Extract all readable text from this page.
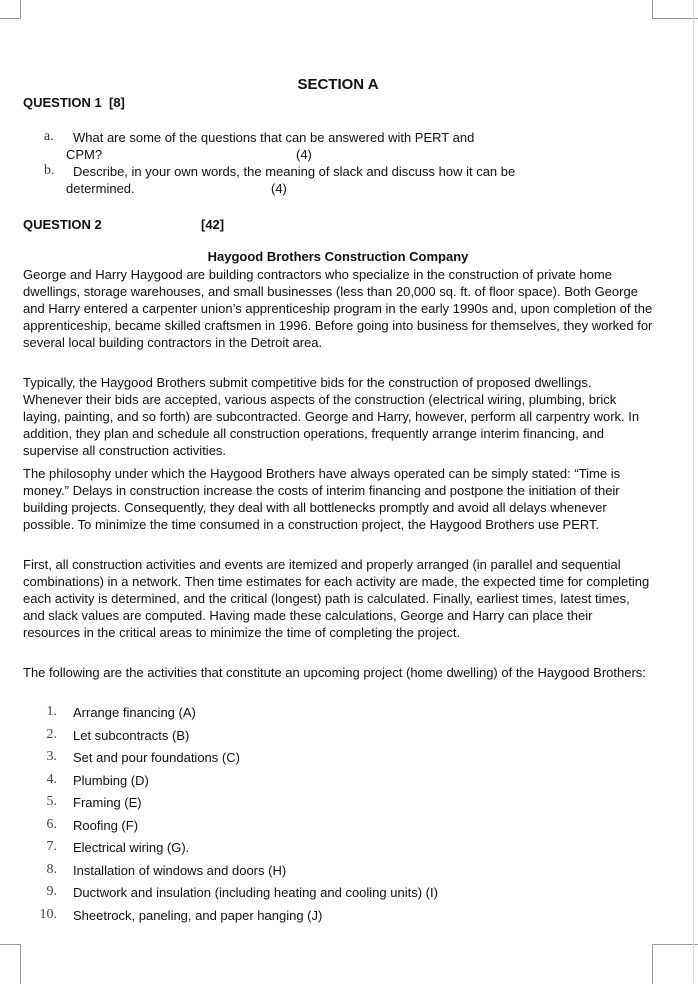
SECTION A
QUESTION 1 [8]
a. What are some of the questions that can be answered with PERT and
CPM?	(4)
b. Describe, in your own words, the meaning of slack and discuss how it can be
determined.	(4)
QUESTION 2	[42]
Haygood Brothers Construction Company
George and Harry Haygood are building contractors who specialize in the construction of private home dwellings, storage warehouses, and small businesses (less than 20,000 sq. ft. of floor space). Both George and Harry entered a carpenter union’s apprenticeship program in the early 1990s and, upon completion of the apprenticeship, became skilled craftsmen in 1996. Before going into business for themselves, they worked for several local building contractors in the Detroit area.
Typically, the Haygood Brothers submit competitive bids for the construction of proposed dwellings. Whenever their bids are accepted, various aspects of the construction (electrical wiring, plumbing, brick laying, painting, and so forth) are subcontracted. George and Harry, however, perform all carpentry work. In addition, they plan and schedule all construction operations, frequently arrange interim financing, and supervise all construction activities.
The philosophy under which the Haygood Brothers have always operated can be simply stated: “Time is money.” Delays in construction increase the costs of interim financing and postpone the initiation of their building projects. Consequently, they deal with all bottlenecks promptly and avoid all delays whenever possible. To minimize the time consumed in a construction project, the Haygood Brothers use PERT.
First, all construction activities and events are itemized and properly arranged (in parallel and sequential combinations) in a network. Then time estimates for each activity are made, the expected time for completing each activity is determined, and the critical (longest) path is calculated. Finally, earliest times, latest times, and slack values are computed. Having made these calculations, George and Harry can place their resources in the critical areas to minimize the time of completing the project.
The following are the activities that constitute an upcoming project (home dwelling) of the Haygood Brothers:
1. Arrange financing (A)
2. Let subcontracts (B)
3. Set and pour foundations (C)
4. Plumbing (D)
5. Framing (E)
6. Roofing (F)
7. Electrical wiring (G).
8. Installation of windows and doors (H)
9. Ductwork and insulation (including heating and cooling units) (I)
10. Sheetrock, paneling, and paper hanging (J)
